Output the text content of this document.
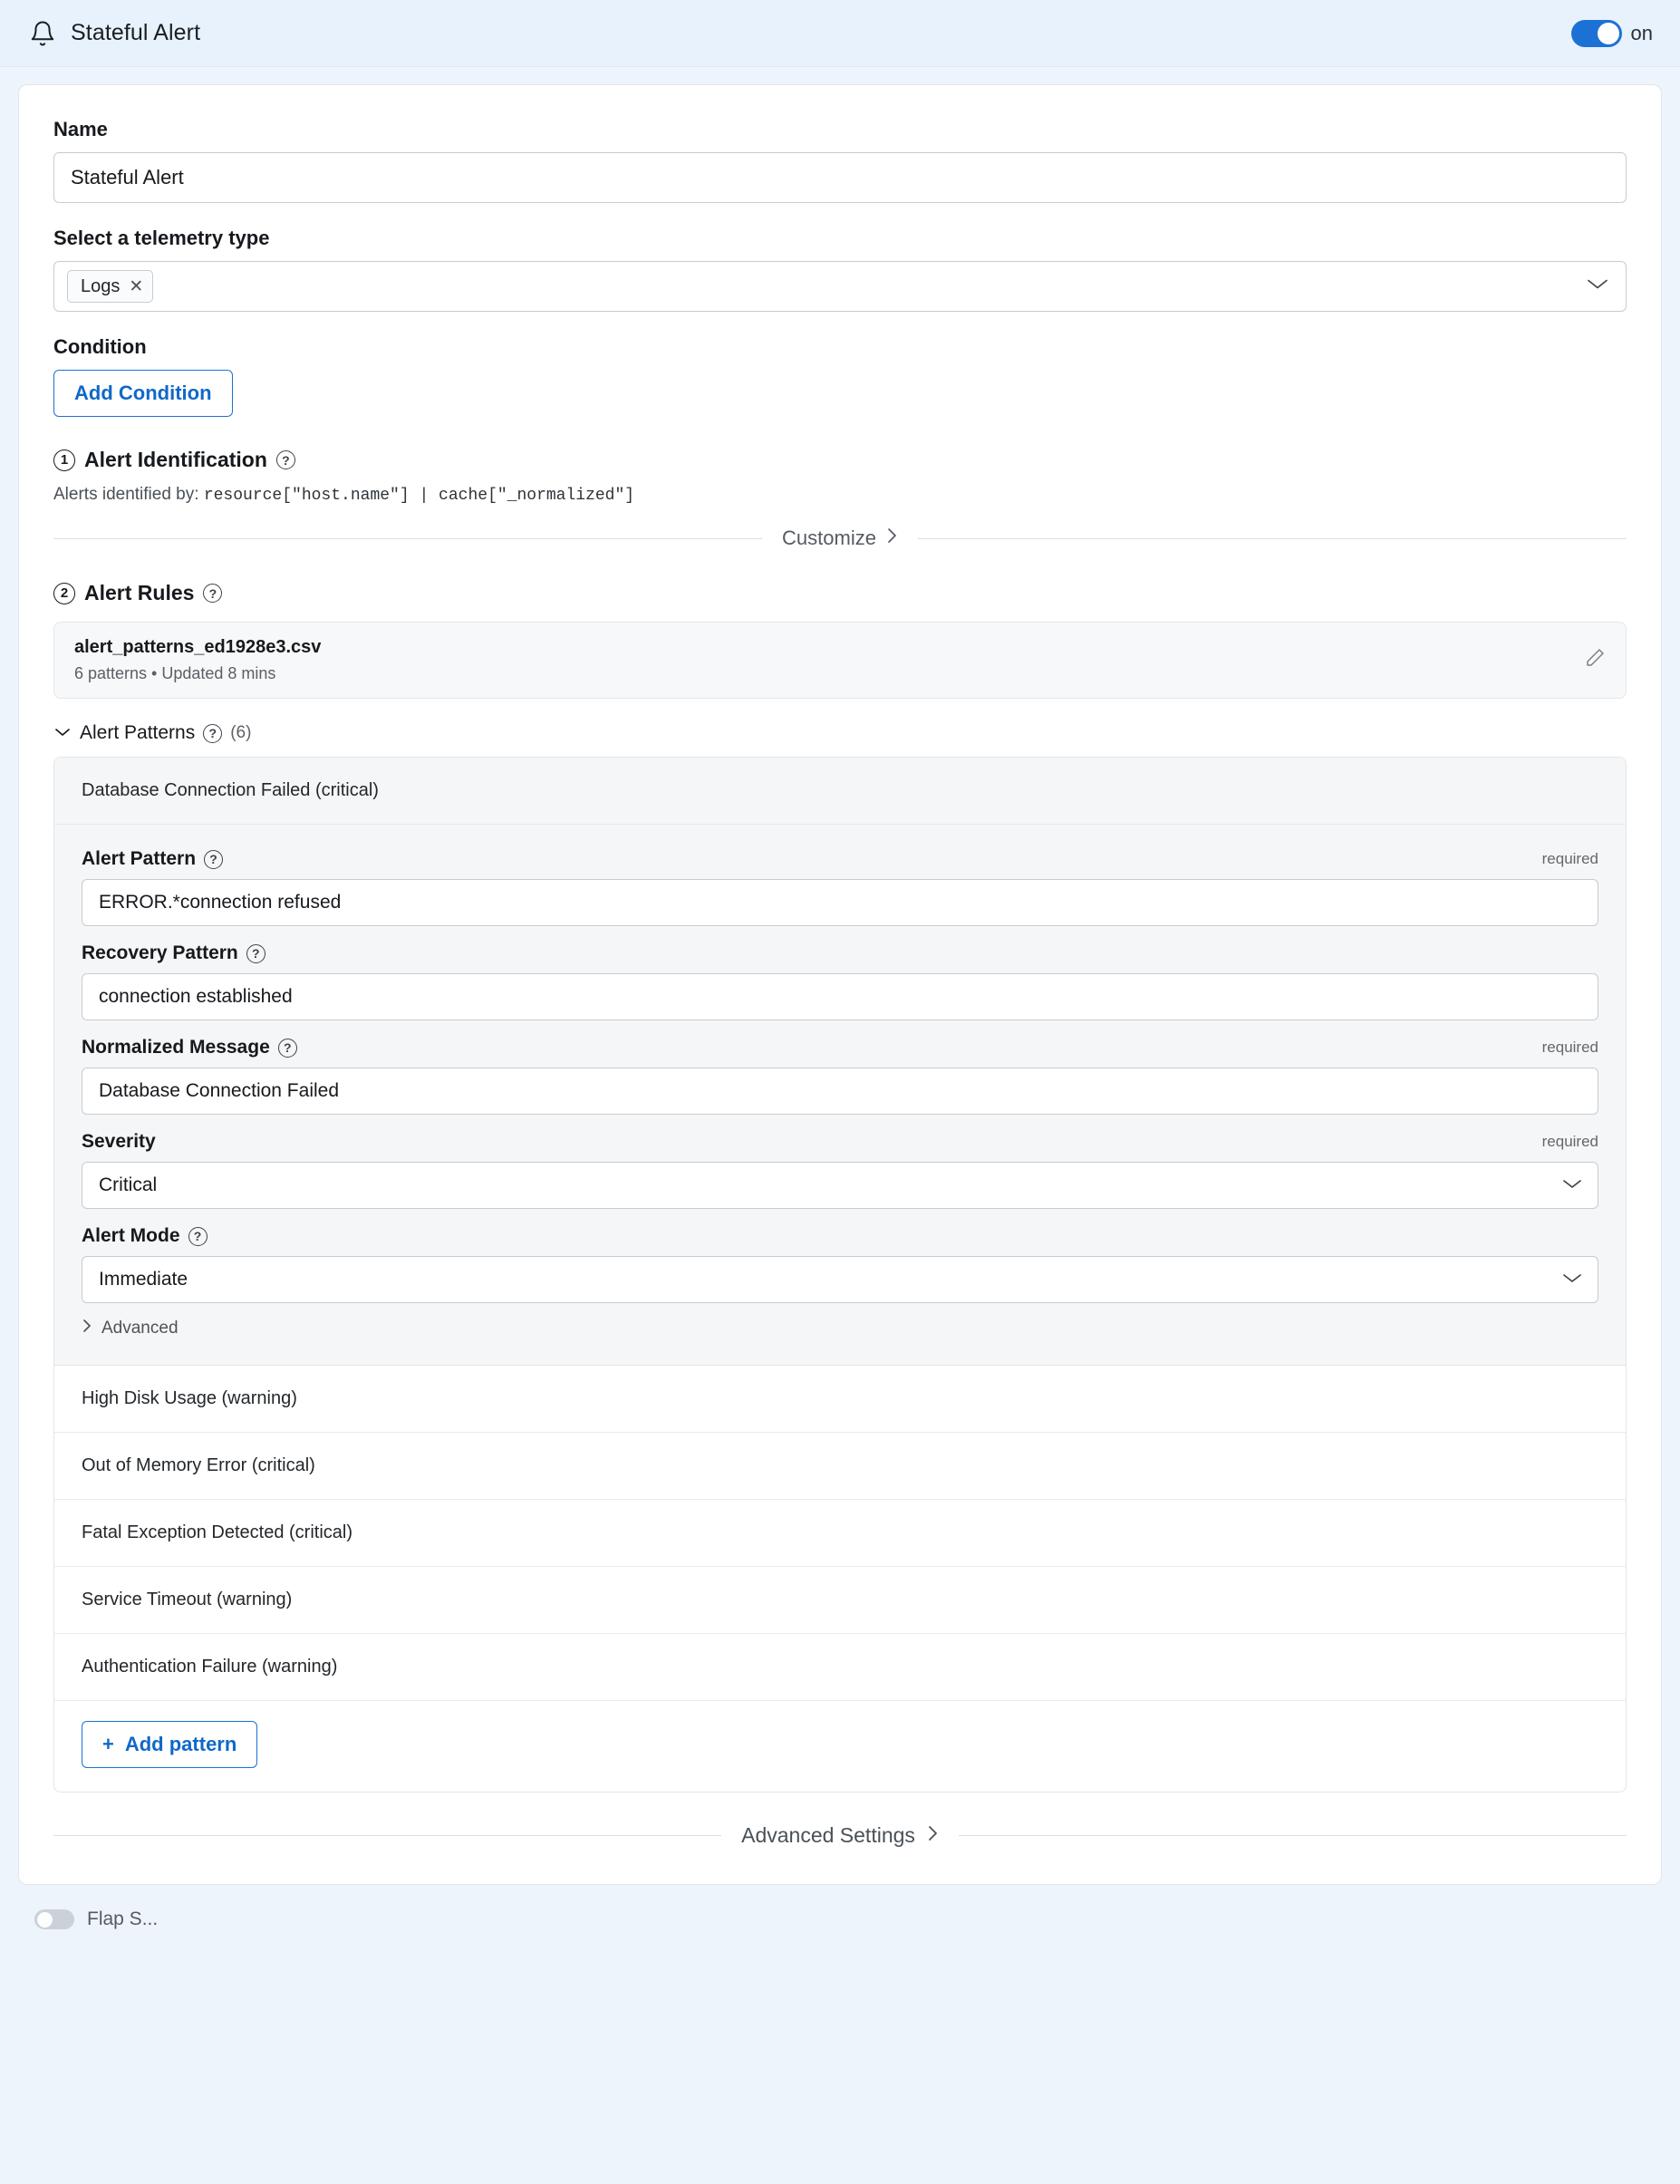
Stateful Alert	on
Name
Stateful Alert
Select a telemetry type
Logs ✕
Condition
Add Condition
1 Alert Identification	?
Alerts identified by: resource["host.name"] | cache["_normalized"]
Customize
2 Alert Rules	?
alert_patterns_ed1928e3.csv
6 patterns • Updated 8 mins
Alert Patterns	? (6)
Database Connection Failed (critical)
Alert Pattern	?	required
ERROR.*connection refused
Recovery Pattern	?
connection established
Normalized Message	?	required
Database Connection Failed
Severity	required
Critical
Alert Mode	?
Immediate
Advanced
High Disk Usage (warning)
Out of Memory Error (critical)
Fatal Exception Detected (critical)
Service Timeout (warning)
Authentication Failure (warning)
+ Add pattern
Advanced Settings
Flap S...
